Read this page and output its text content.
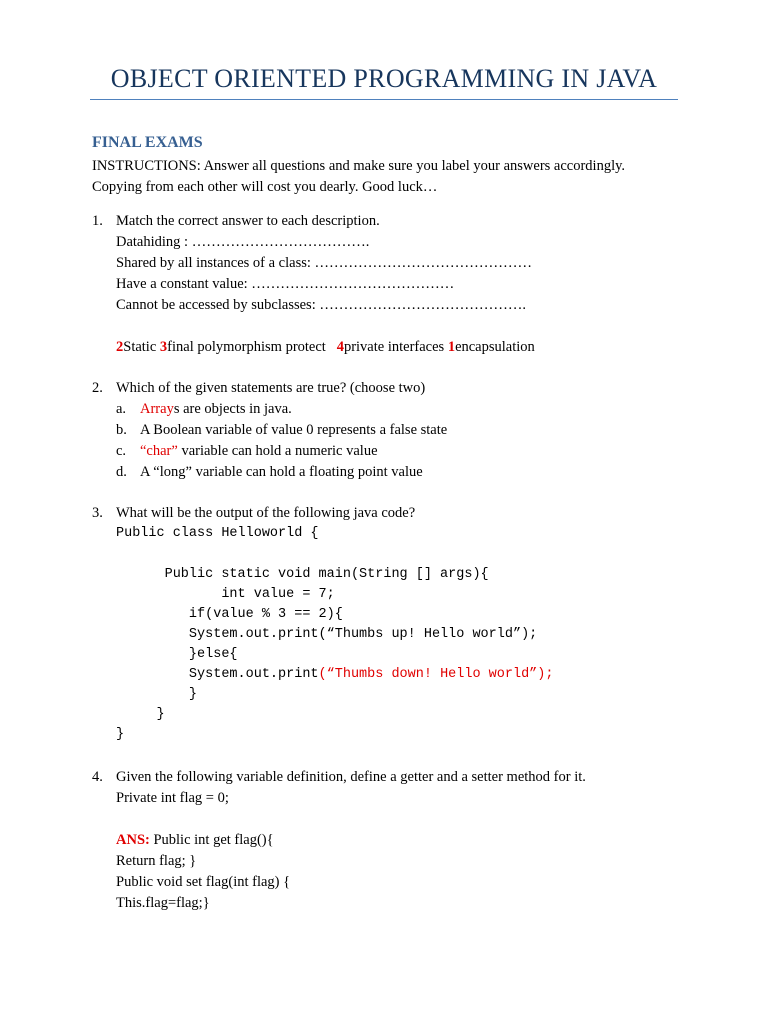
OBJECT ORIENTED PROGRAMMING IN JAVA
FINAL EXAMS
INSTRUCTIONS: Answer all questions and make sure you label your answers accordingly.
Copying from each other will cost you dearly. Good luck…
1. Match the correct answer to each description.
Datahiding : ……………………………….
Shared by all instances of a class: ………………………………………
Have a constant value: ……………………………………
Cannot be accessed by subclasses: …………………………………….
2Static 3final polymorphism protect   4private interfaces 1encapsulation
2. Which of the given statements are true? (choose two)
a. Arrays are objects in java.
b. A Boolean variable of value 0 represents a false state
c. “char” variable can hold a numeric value
d. A “long” variable can hold a floating point value
3. What will be the output of the following java code?
Public class Helloworld {
Public static void main(String [] args){
int value = 7;
if(value % 3 == 2){
System.out.print(“Thumbs up! Hello world”);
}else{
System.out.print(“Thumbs down! Hello world”);
}
}
}
4. Given the following variable definition, define a getter and a setter method for it.
Private int flag = 0;
ANS: Public int get flag(){
Return flag; }
Public void set flag(int flag) {
This.flag=flag;}
